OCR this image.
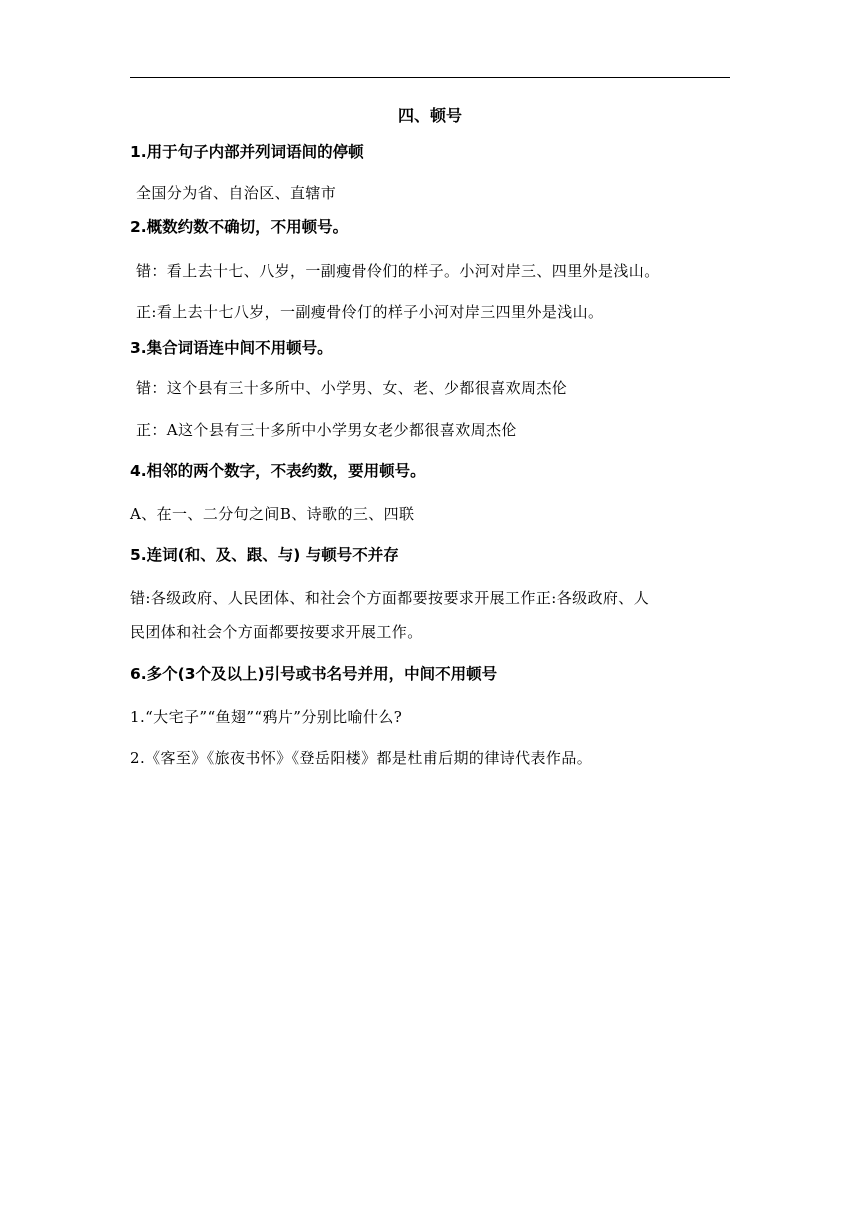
四、顿号
1.用于句子内部并列词语间的停顿
全国分为省、自治区、直辖市
2.概数约数不确切，不用顿号。
错：看上去十七、八岁，一副瘦骨伶们的样子。小河对岸三、四里外是浅山。
正:看上去十七八岁，一副瘦骨伶仃的样子小河对岸三四里外是浅山。
3.集合词语连中间不用顿号。
错：这个县有三十多所中、小学男、女、老、少都很喜欢周杰伦
正：A这个县有三十多所中小学男女老少都很喜欢周杰伦
4.相邻的两个数字，不表约数，要用顿号。
A、在一、二分句之间B、诗歌的三、四联
5.连词(和、及、跟、与) 与顿号不并存
错:各级政府、人民团体、和社会个方面都要按要求开展工作正:各级政府、人
民团体和社会个方面都要按要求开展工作。
6.多个(3个及以上)引号或书名号并用，中间不用顿号
1.“大宅子”“鱼翅”“鸦片”分别比喻什么?
2.《客至》《旅夜书怀》《登岳阳楼》都是杜甫后期的律诗代表作品。
